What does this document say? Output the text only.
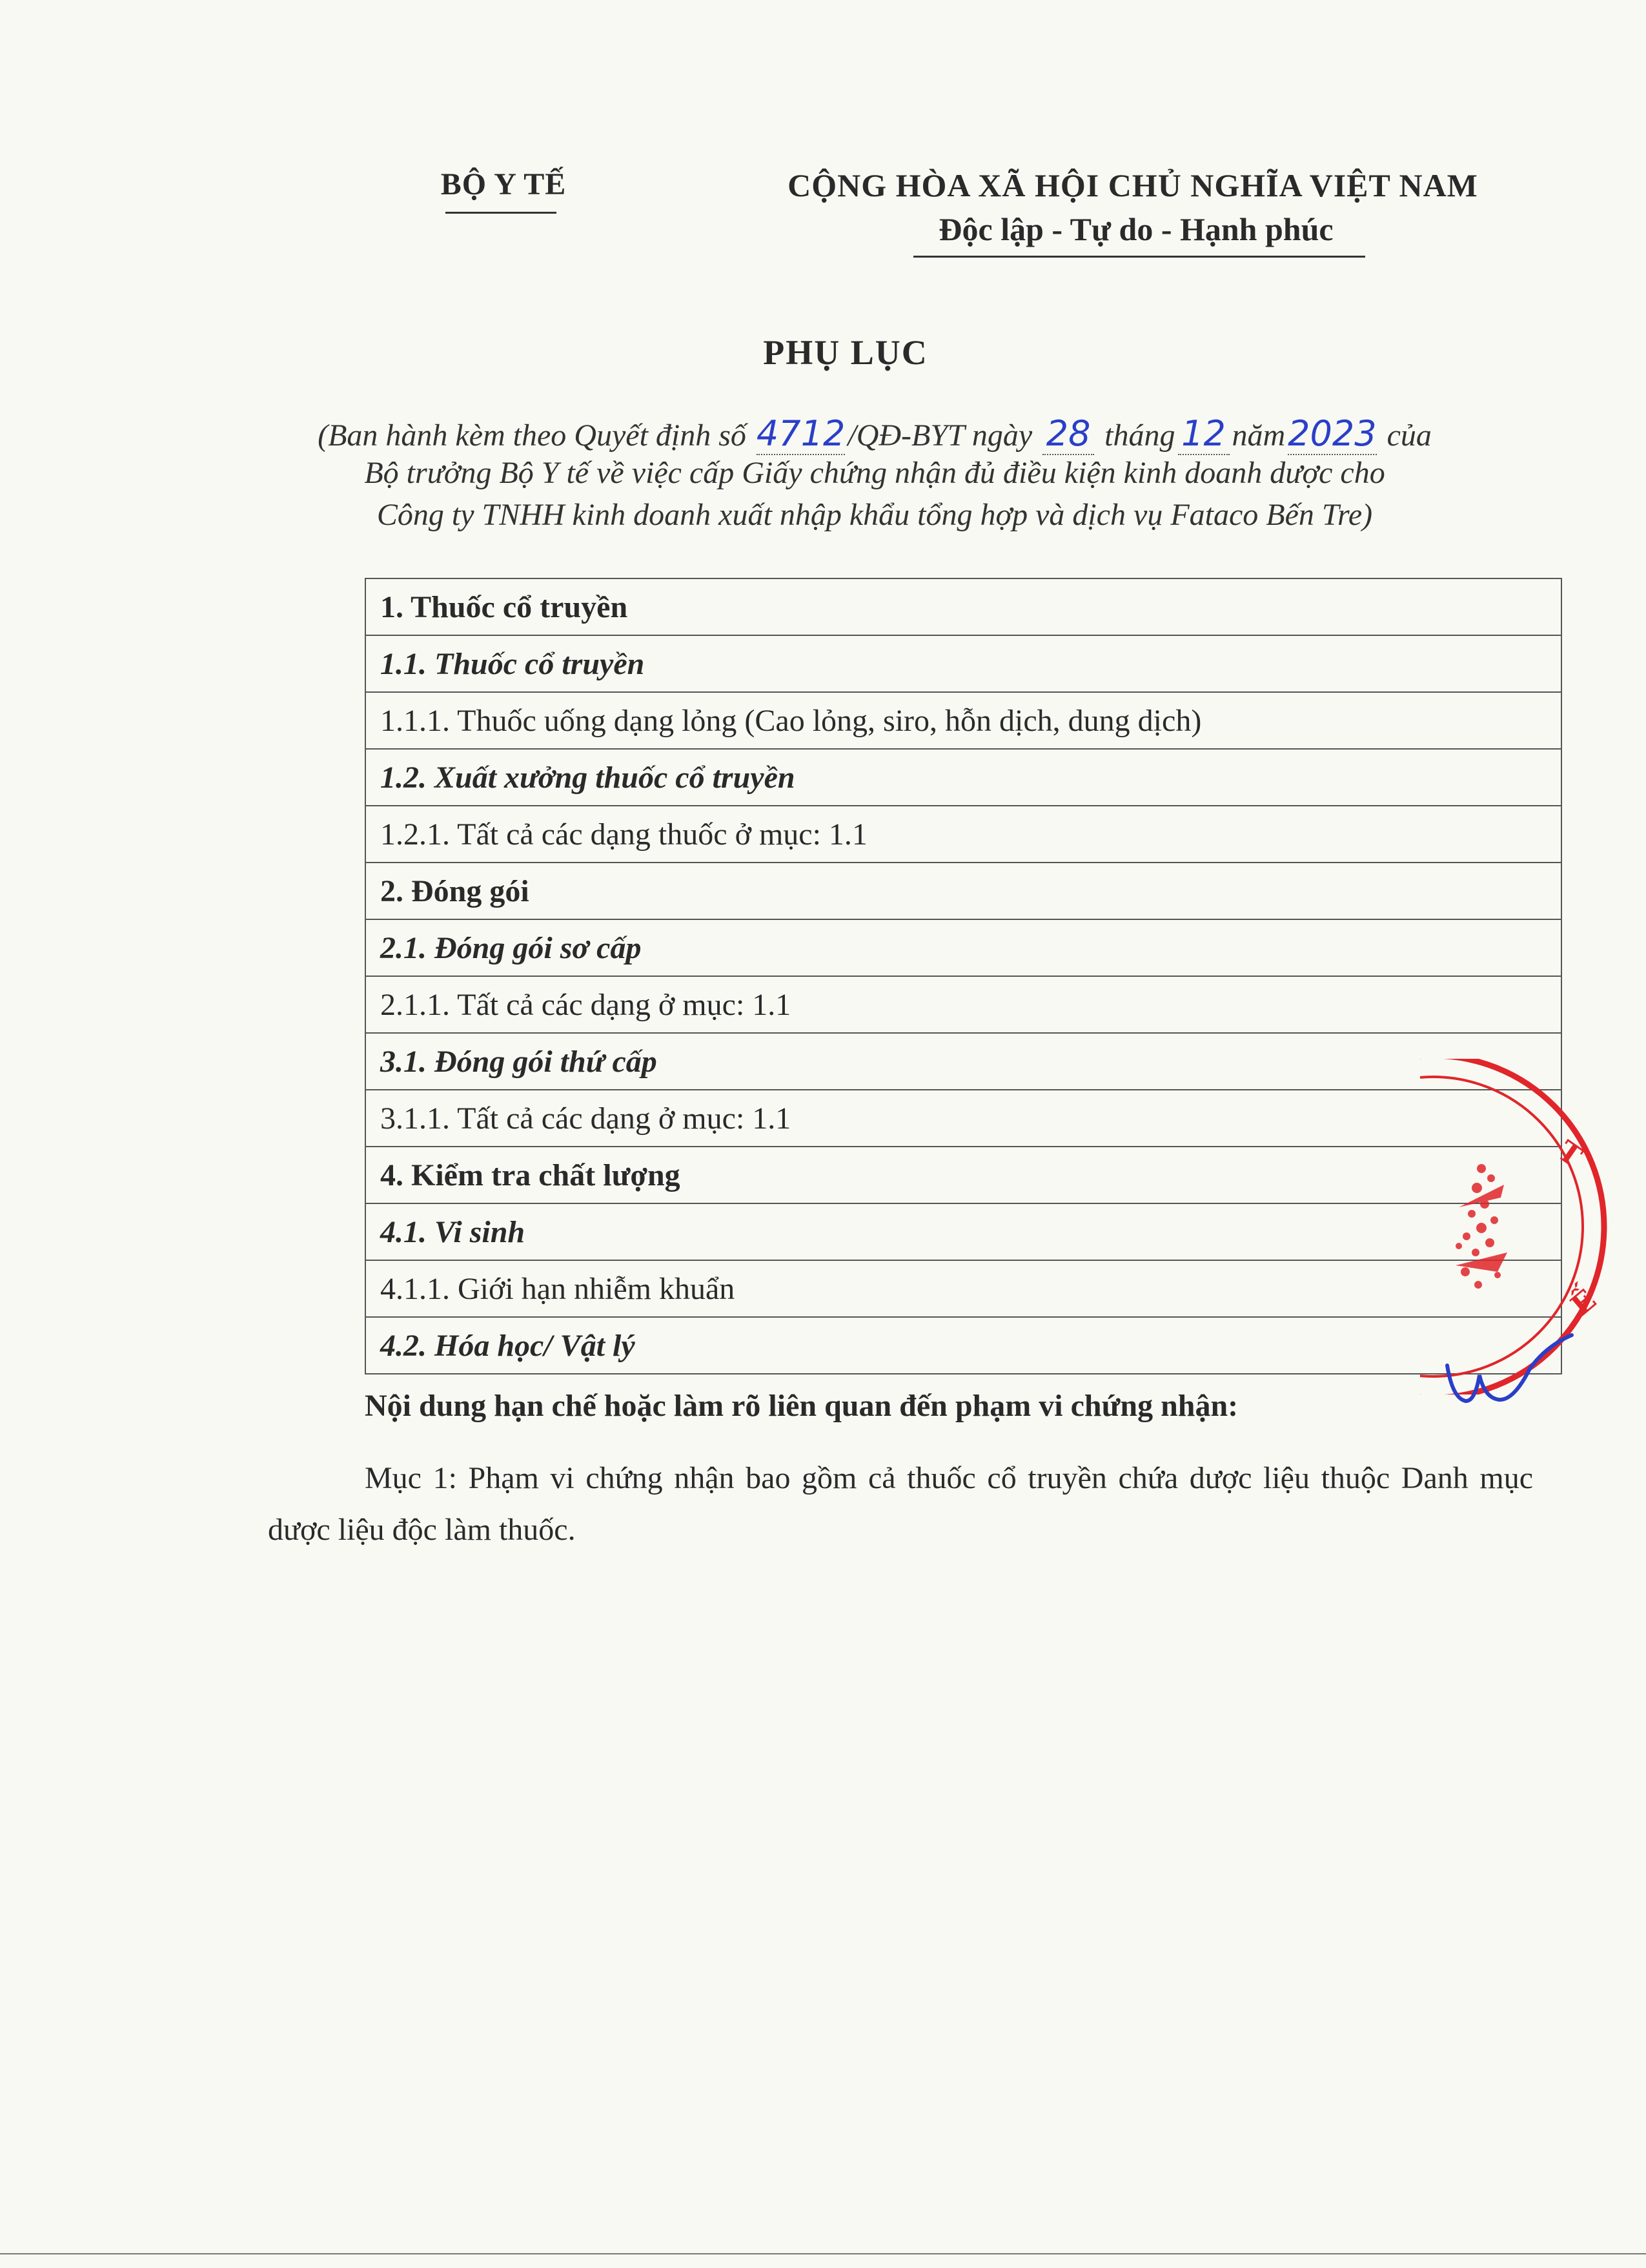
BỘ Y TẾ	CỘNG HÒA XÃ HỘI CHỦ NGHĨA VIỆT NAM
Độc lập - Tự do - Hạnh phúc
PHỤ LỤC
(Ban hành kèm theo Quyết định số 4712/QĐ-BYT ngày 28 tháng 12 năm2023 của
Bộ trưởng Bộ Y tế về việc cấp Giấy chứng nhận đủ điều kiện kinh doanh dược cho
Công ty TNHH kinh doanh xuất nhập khẩu tổng hợp và dịch vụ Fataco Bến Tre)
1. Thuốc cổ truyền
1.1. Thuốc cổ truyền
1.1.1. Thuốc uống dạng lỏng (Cao lỏng, siro, hỗn dịch, dung dịch)
1.2. Xuất xưởng thuốc cổ truyền
1.2.1. Tất cả các dạng thuốc ở mục: 1.1
2. Đóng gói
2.1. Đóng gói sơ cấp
2.1.1. Tất cả các dạng ở mục: 1.1
3.1. Đóng gói thứ cấp
3.1.1. Tất cả các dạng ở mục: 1.1
4. Kiểm tra chất lượng
4.1. Vi sinh
4.1.1. Giới hạn nhiễm khuẩn
4.2. Hóa học/ Vật lý
Nội dung hạn chế hoặc làm rõ liên quan đến phạm vi chứng nhận:
Mục 1: Phạm vi chứng nhận bao gồm cả thuốc cổ truyền chứa dược liệu thuộc Danh mục dược liệu độc làm thuốc.
T
Ế
